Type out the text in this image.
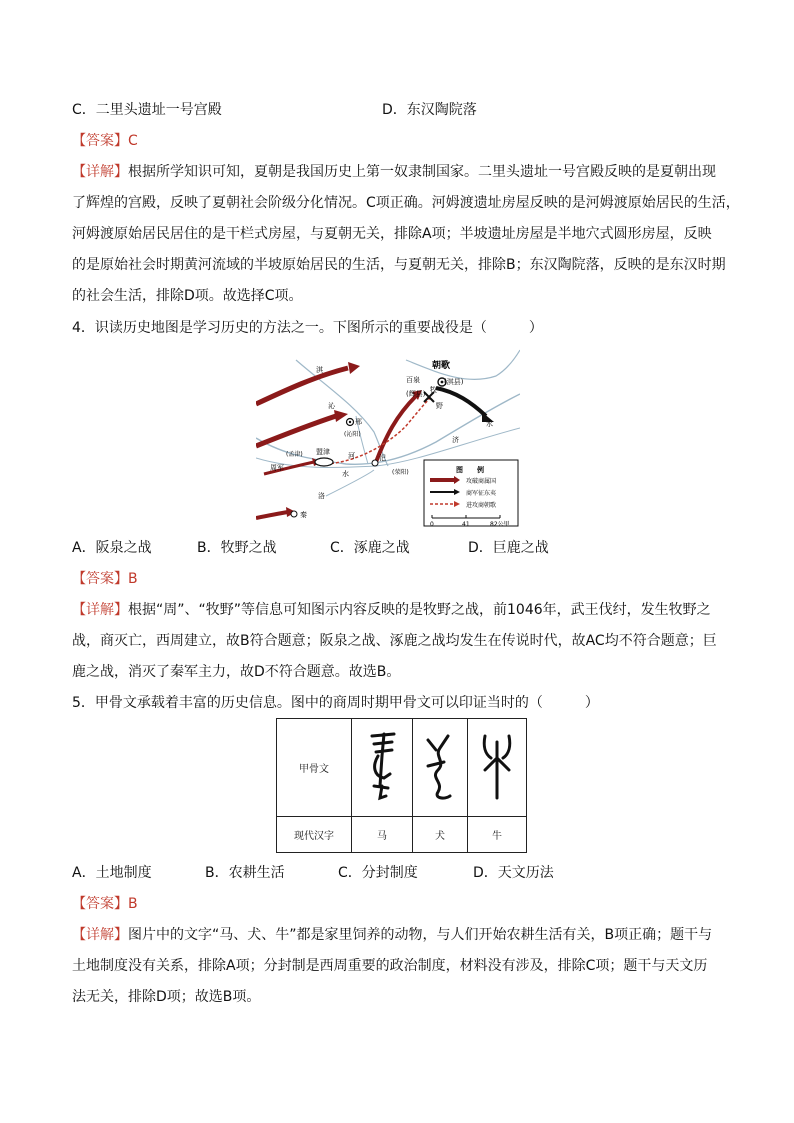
C．二里头遗址一号宫殿	D．东汉陶院落
【答案】C
【详解】根据所学知识可知，夏朝是我国历史上第一奴隶制国家。二里头遗址一号宫殿反映的是夏朝出现
了辉煌的宫殿，反映了夏朝社会阶级分化情况。C项正确。河姆渡遗址房屋反映的是河姆渡原始居民的生活，
河姆渡原始居民居住的是干栏式房屋，与夏朝无关，排除A项；半坡遗址房屋是半地穴式圆形房屋，反映
的是原始社会时期黄河流域的半坡原始居民的生活，与夏朝无关，排除B；东汉陶院落，反映的是东汉时期
的社会生活，排除D项。故选择C项。
4．识读历史地图是学习历史的方法之一。下图所示的重要战役是（　　　）
朝歌
(淇县)
百泉
(辉县) 牧
野
邢
(沁阳)
盟津
(孟津)
周军
汜
(荥阳)
淇
沁
济
水
水
河
洛
秦
图　　例
攻破商属国
商军征东夷
进攻商朝歌
0	41	82公里
A．阪泉之战	B．牧野之战	C．涿鹿之战	D．巨鹿之战
【答案】B
【详解】根据“周”、“牧野”等信息可知图示内容反映的是牧野之战，前1046年，武王伐纣，发生牧野之
战，商灭亡，西周建立，故B符合题意；阪泉之战、涿鹿之战均发生在传说时代，故AC均不符合题意；巨
鹿之战，消灭了秦军主力，故D不符合题意。故选B。
5．甲骨文承载着丰富的历史信息。图中的商周时期甲骨文可以印证当时的（　　　）
甲骨文			
现代汉字	马	犬	牛
A．土地制度	B．农耕生活	C．分封制度	D．天文历法
【答案】B
【详解】图片中的文字“马、犬、牛”都是家里饲养的动物，与人们开始农耕生活有关，B项正确；题干与
土地制度没有关系，排除A项；分封制是西周重要的政治制度，材料没有涉及，排除C项；题干与天文历
法无关，排除D项；故选B项。
